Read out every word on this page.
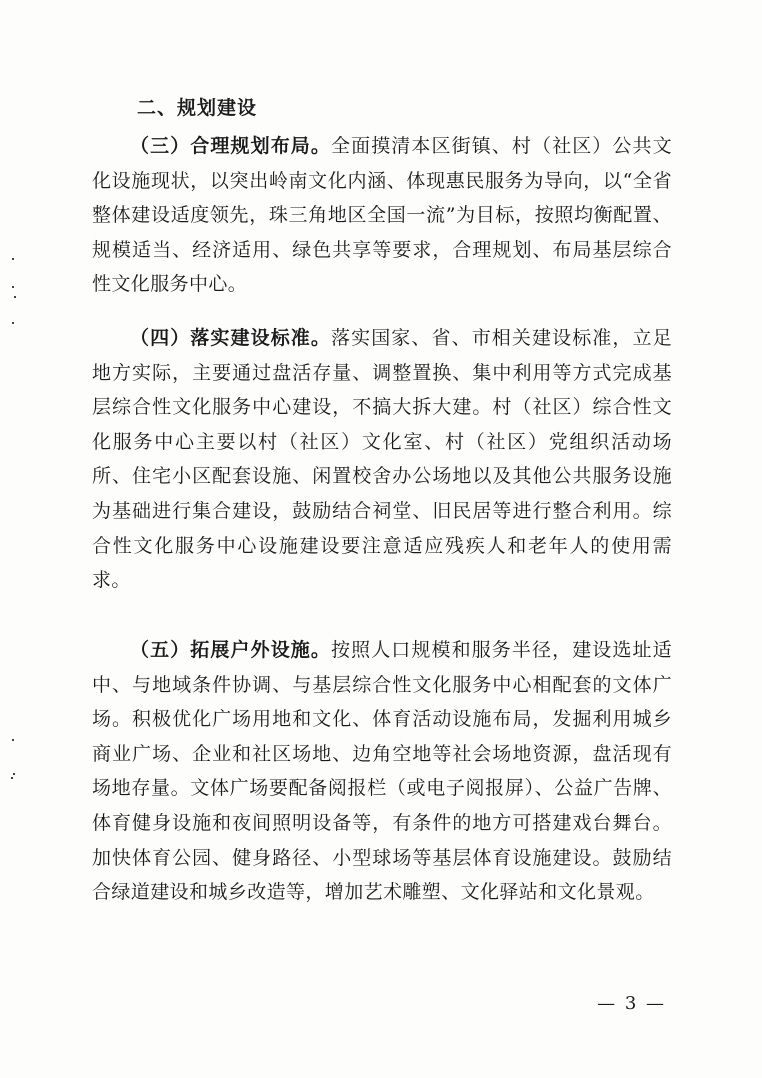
二、规划建设

（三）合理规划布局。全面摸清本区街镇、村（社区）公共文化设施现状，以突出岭南文化内涵、体现惠民服务为导向，以“全省整体建设适度领先，珠三角地区全国一流”为目标，按照均衡配置、规模适当、经济适用、绿色共享等要求，合理规划、布局基层综合性文化服务中心。

（四）落实建设标准。落实国家、省、市相关建设标准，立足地方实际，主要通过盘活存量、调整置换、集中利用等方式完成基层综合性文化服务中心建设，不搞大拆大建。村（社区）综合性文化服务中心主要以村（社区）文化室、村（社区）党组织活动场所、住宅小区配套设施、闲置校舍办公场地以及其他公共服务设施为基础进行集合建设，鼓励结合祠堂、旧民居等进行整合利用。综合性文化服务中心设施建设要注意适应残疾人和老年人的使用需求。

（五）拓展户外设施。按照人口规模和服务半径，建设选址适中、与地域条件协调、与基层综合性文化服务中心相配套的文体广场。积极优化广场用地和文化、体育活动设施布局，发掘利用城乡商业广场、企业和社区场地、边角空地等社会场地资源，盘活现有场地存量。文体广场要配备阅报栏（或电子阅报屏）、公益广告牌、体育健身设施和夜间照明设备等，有条件的地方可搭建戏台舞台。加快体育公园、健身路径、小型球场等基层体育设施建设。鼓励结合绿道建设和城乡改造等，增加艺术雕塑、文化驿站和文化景观。

— 3 —
